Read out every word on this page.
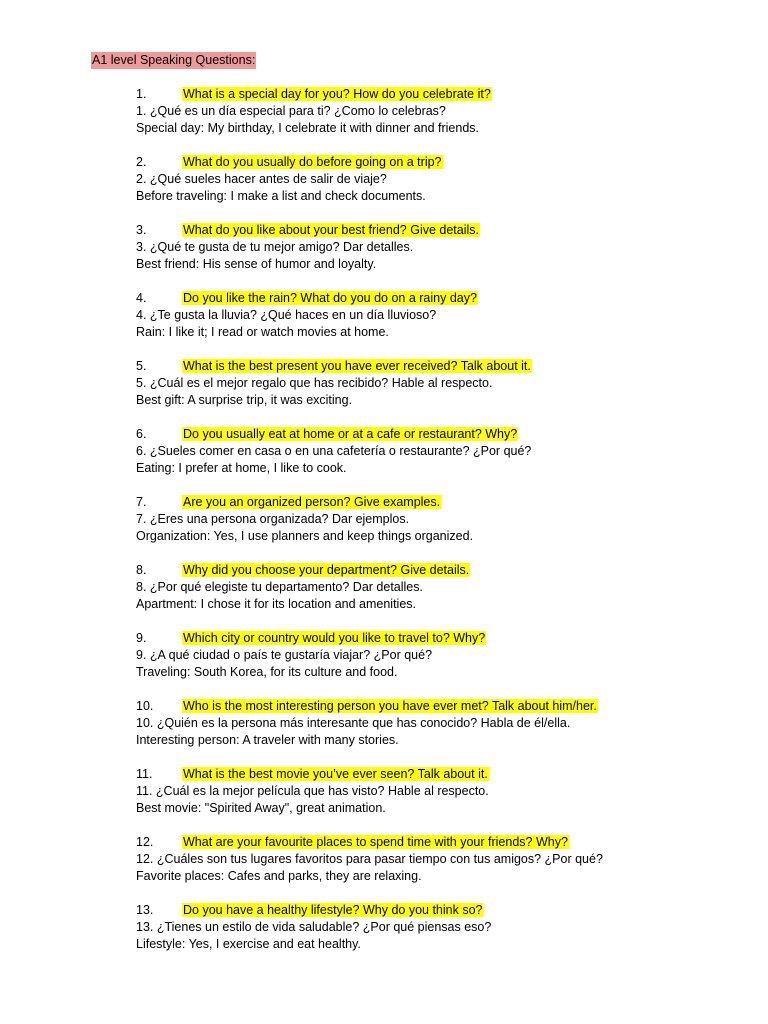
A1 level Speaking Questions:
1.	What is a special day for you? How do you celebrate it?
1. ¿Qué es un día especial para ti? ¿Como lo celebras?
Special day: My birthday, I celebrate it with dinner and friends.
2.	What do you usually do before going on a trip?
2. ¿Qué sueles hacer antes de salir de viaje?
Before traveling: I make a list and check documents.
3.	What do you like about your best friend? Give details.
3. ¿Qué te gusta de tu mejor amigo? Dar detalles.
Best friend: His sense of humor and loyalty.
4.	Do you like the rain? What do you do on a rainy day?
4. ¿Te gusta la lluvia? ¿Qué haces en un día lluvioso?
Rain: I like it; I read or watch movies at home.
5.	What is the best present you have ever received? Talk about it.
5. ¿Cuál es el mejor regalo que has recibido? Hable al respecto.
Best gift: A surprise trip, it was exciting.
6.	Do you usually eat at home or at a cafe or restaurant? Why?
6. ¿Sueles comer en casa o en una cafetería o restaurante? ¿Por qué?
Eating: I prefer at home, I like to cook.
7.	Are you an organized person? Give examples.
7. ¿Eres una persona organizada? Dar ejemplos.
Organization: Yes, I use planners and keep things organized.
8.	Why did you choose your department? Give details.
8. ¿Por qué elegiste tu departamento? Dar detalles.
Apartment: I chose it for its location and amenities.
9.	Which city or country would you like to travel to? Why?
9. ¿A qué ciudad o país te gustaría viajar? ¿Por qué?
Traveling: South Korea, for its culture and food.
10. Who is the most interesting person you have ever met? Talk about him/her.
10. ¿Quién es la persona más interesante que has conocido? Habla de él/ella.
Interesting person: A traveler with many stories.
11. What is the best movie you’ve ever seen? Talk about it.
11. ¿Cuál es la mejor película que has visto? Hable al respecto.
Best movie: "Spirited Away", great animation.
12. What are your favourite places to spend time with your friends? Why?
12. ¿Cuáles son tus lugares favoritos para pasar tiempo con tus amigos? ¿Por qué?
Favorite places: Cafes and parks, they are relaxing.
13. Do you have a healthy lifestyle? Why do you think so?
13. ¿Tienes un estilo de vida saludable? ¿Por qué piensas eso?
Lifestyle: Yes, I exercise and eat healthy.
